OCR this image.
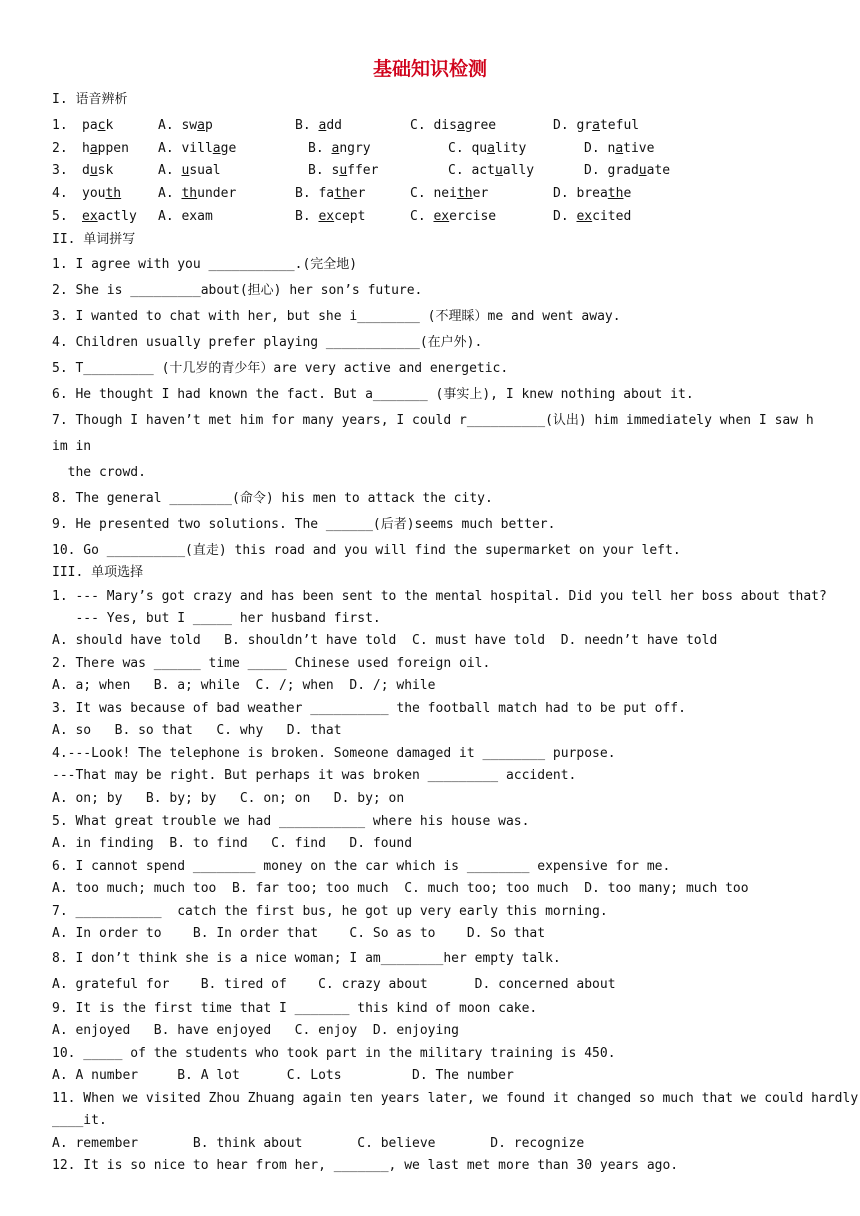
基础知识检测
I. 语音辨析
1. pack	A. swap	B. add	C. disagree	D. grateful
2. happen A. village	B. angry	C. quality	D. native
3. dusk	A. usual	B. suffer	C. actually	D. graduate
4. youth	A. thunder	B. father	C. neither	D. breathe
5. exactly A. exam	B. except	C. exercise	D. excited
II. 单词拼写
1. I agree with you ___________.(完全地)
2. She is _________about(担心) her son’s future.
3. I wanted to chat with her, but she i________ (不理睬）me and went away.
4. Children usually prefer playing ____________(在户外).
5. T_________ (十几岁的青少年）are very active and energetic.
6. He thought I had known the fact. But a_______ (事实上), I knew nothing about it.
7. Though I haven’t met him for many years, I could r__________(认出) him immediately when I saw h
im in
the crowd.
8. The general ________(命令) his men to attack the city.
9. He presented two solutions. The ______(后者)seems much better.
10. Go __________(直走) this road and you will find the supermarket on your left.
III. 单项选择
1. --- Mary’s got crazy and has been sent to the mental hospital. Did you tell her boss about that?
--- Yes, but I _____ her husband first.
A. should have told   B. shouldn’t have told  C. must have told  D. needn’t have told
2. There was ______ time _____ Chinese used foreign oil.
A. a; when   B. a; while  C. /; when  D. /; while
3. It was because of bad weather __________ the football match had to be put off.
A. so   B. so that   C. why   D. that
4.---Look! The telephone is broken. Someone damaged it ________ purpose.
---That may be right. But perhaps it was broken _________ accident.
A. on; by   B. by; by   C. on; on   D. by; on
5. What great trouble we had ___________ where his house was.
A. in finding  B. to find   C. find   D. found
6. I cannot spend ________ money on the car which is ________ expensive for me.
A. too much; much too  B. far too; too much  C. much too; too much  D. too many; much too
7. ___________  catch the first bus, he got up very early this morning.
A. In order to    B. In order that    C. So as to    D. So that
8. I don’t think she is a nice woman; I am________her empty talk.
A. grateful for    B. tired of    C. crazy about      D. concerned about
9. It is the first time that I _______ this kind of moon cake.
A. enjoyed   B. have enjoyed   C. enjoy  D. enjoying
10. _____ of the students who took part in the military training is 450.
A. A number     B. A lot      C. Lots         D. The number
11. When we visited Zhou Zhuang again ten years later, we found it changed so much that we could hardly
____it.
A. remember       B. think about       C. believe       D. recognize
12. It is so nice to hear from her, _______, we last met more than 30 years ago.
